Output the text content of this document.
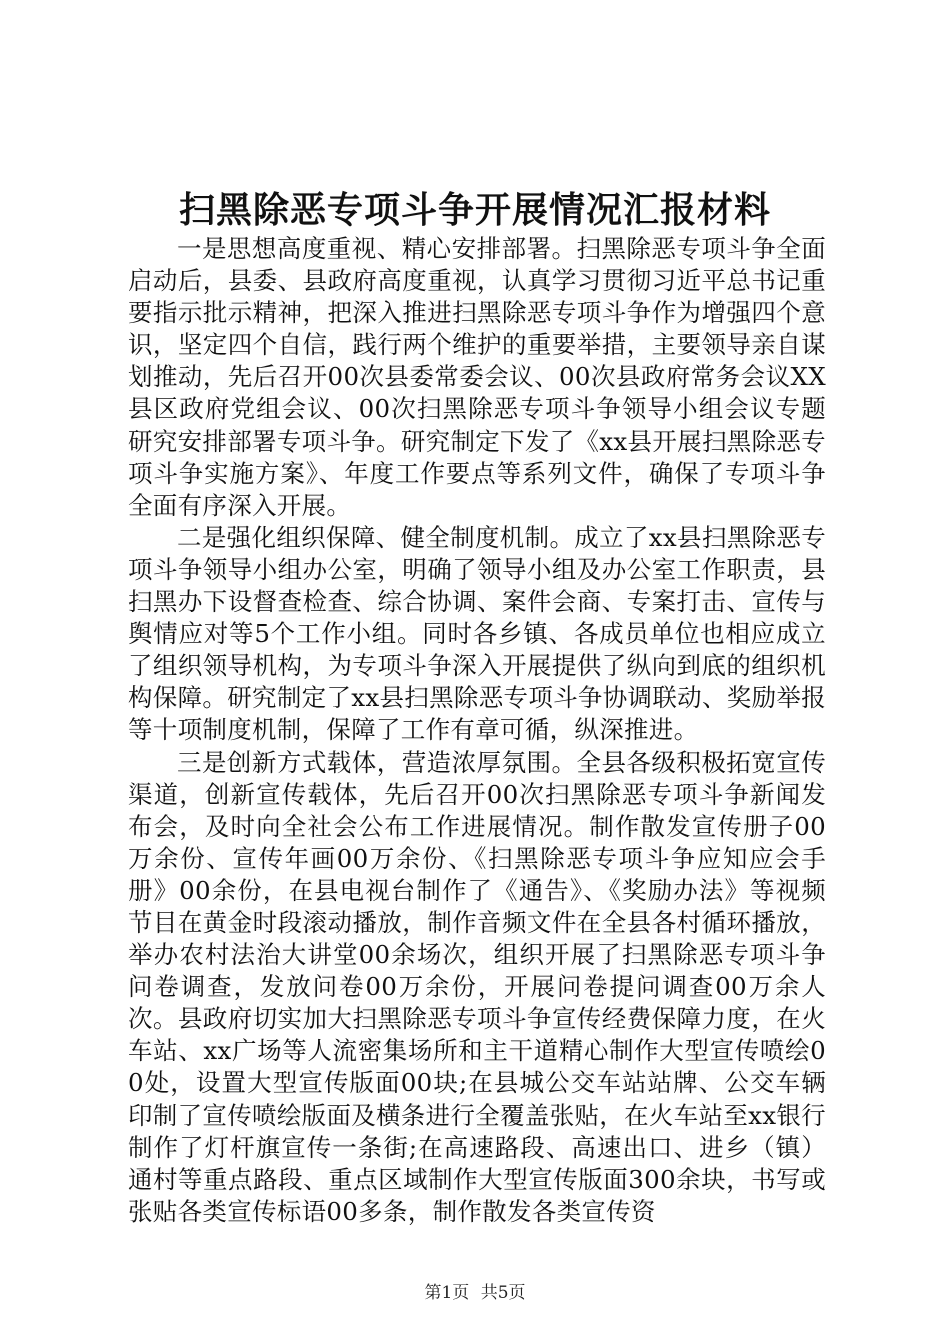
扫黑除恶专项斗争开展情况汇报材料

一是思想高度重视、精心安排部署。扫黑除恶专项斗争全面启动后，县委、县政府高度重视，认真学习贯彻习近平总书记重要指示批示精神，把深入推进扫黑除恶专项斗争作为增强四个意识，坚定四个自信，践行两个维护的重要举措，主要领导亲自谋划推动，先后召开00次县委常委会议、00次县政府常务会议XX县区政府党组会议、00次扫黑除恶专项斗争领导小组会议专题研究安排部署专项斗争。研究制定下发了《xx县开展扫黑除恶专项斗争实施方案》、年度工作要点等系列文件，确保了专项斗争全面有序深入开展。

二是强化组织保障、健全制度机制。成立了xx县扫黑除恶专项斗争领导小组办公室，明确了领导小组及办公室工作职责，县扫黑办下设督查检查、综合协调、案件会商、专案打击、宣传与舆情应对等5个工作小组。同时各乡镇、各成员单位也相应成立了组织领导机构，为专项斗争深入开展提供了纵向到底的组织机构保障。研究制定了xx县扫黑除恶专项斗争协调联动、奖励举报等十项制度机制，保障了工作有章可循，纵深推进。

三是创新方式载体，营造浓厚氛围。全县各级积极拓宽宣传渠道，创新宣传载体，先后召开00次扫黑除恶专项斗争新闻发布会，及时向全社会公布工作进展情况。制作散发宣传册子00万余份、宣传年画00万余份、《扫黑除恶专项斗争应知应会手册》00余份，在县电视台制作了《通告》、《奖励办法》等视频节目在黄金时段滚动播放，制作音频文件在全县各村循环播放，举办农村法治大讲堂00余场次，组织开展了扫黑除恶专项斗争问卷调查，发放问卷00万余份，开展问卷提问调查00万余人次。县政府切实加大扫黑除恶专项斗争宣传经费保障力度，在火车站、xx广场等人流密集场所和主干道精心制作大型宣传喷绘00处，设置大型宣传版面00块;在县城公交车站站牌、公交车辆印制了宣传喷绘版面及横条进行全覆盖张贴，在火车站至xx银行制作了灯杆旗宣传一条街;在高速路段、高速出口、进乡（镇）通村等重点路段、重点区域制作大型宣传版面300余块，书写或张贴各类宣传标语00多条，制作散发各类宣传资

第1页 共5页
